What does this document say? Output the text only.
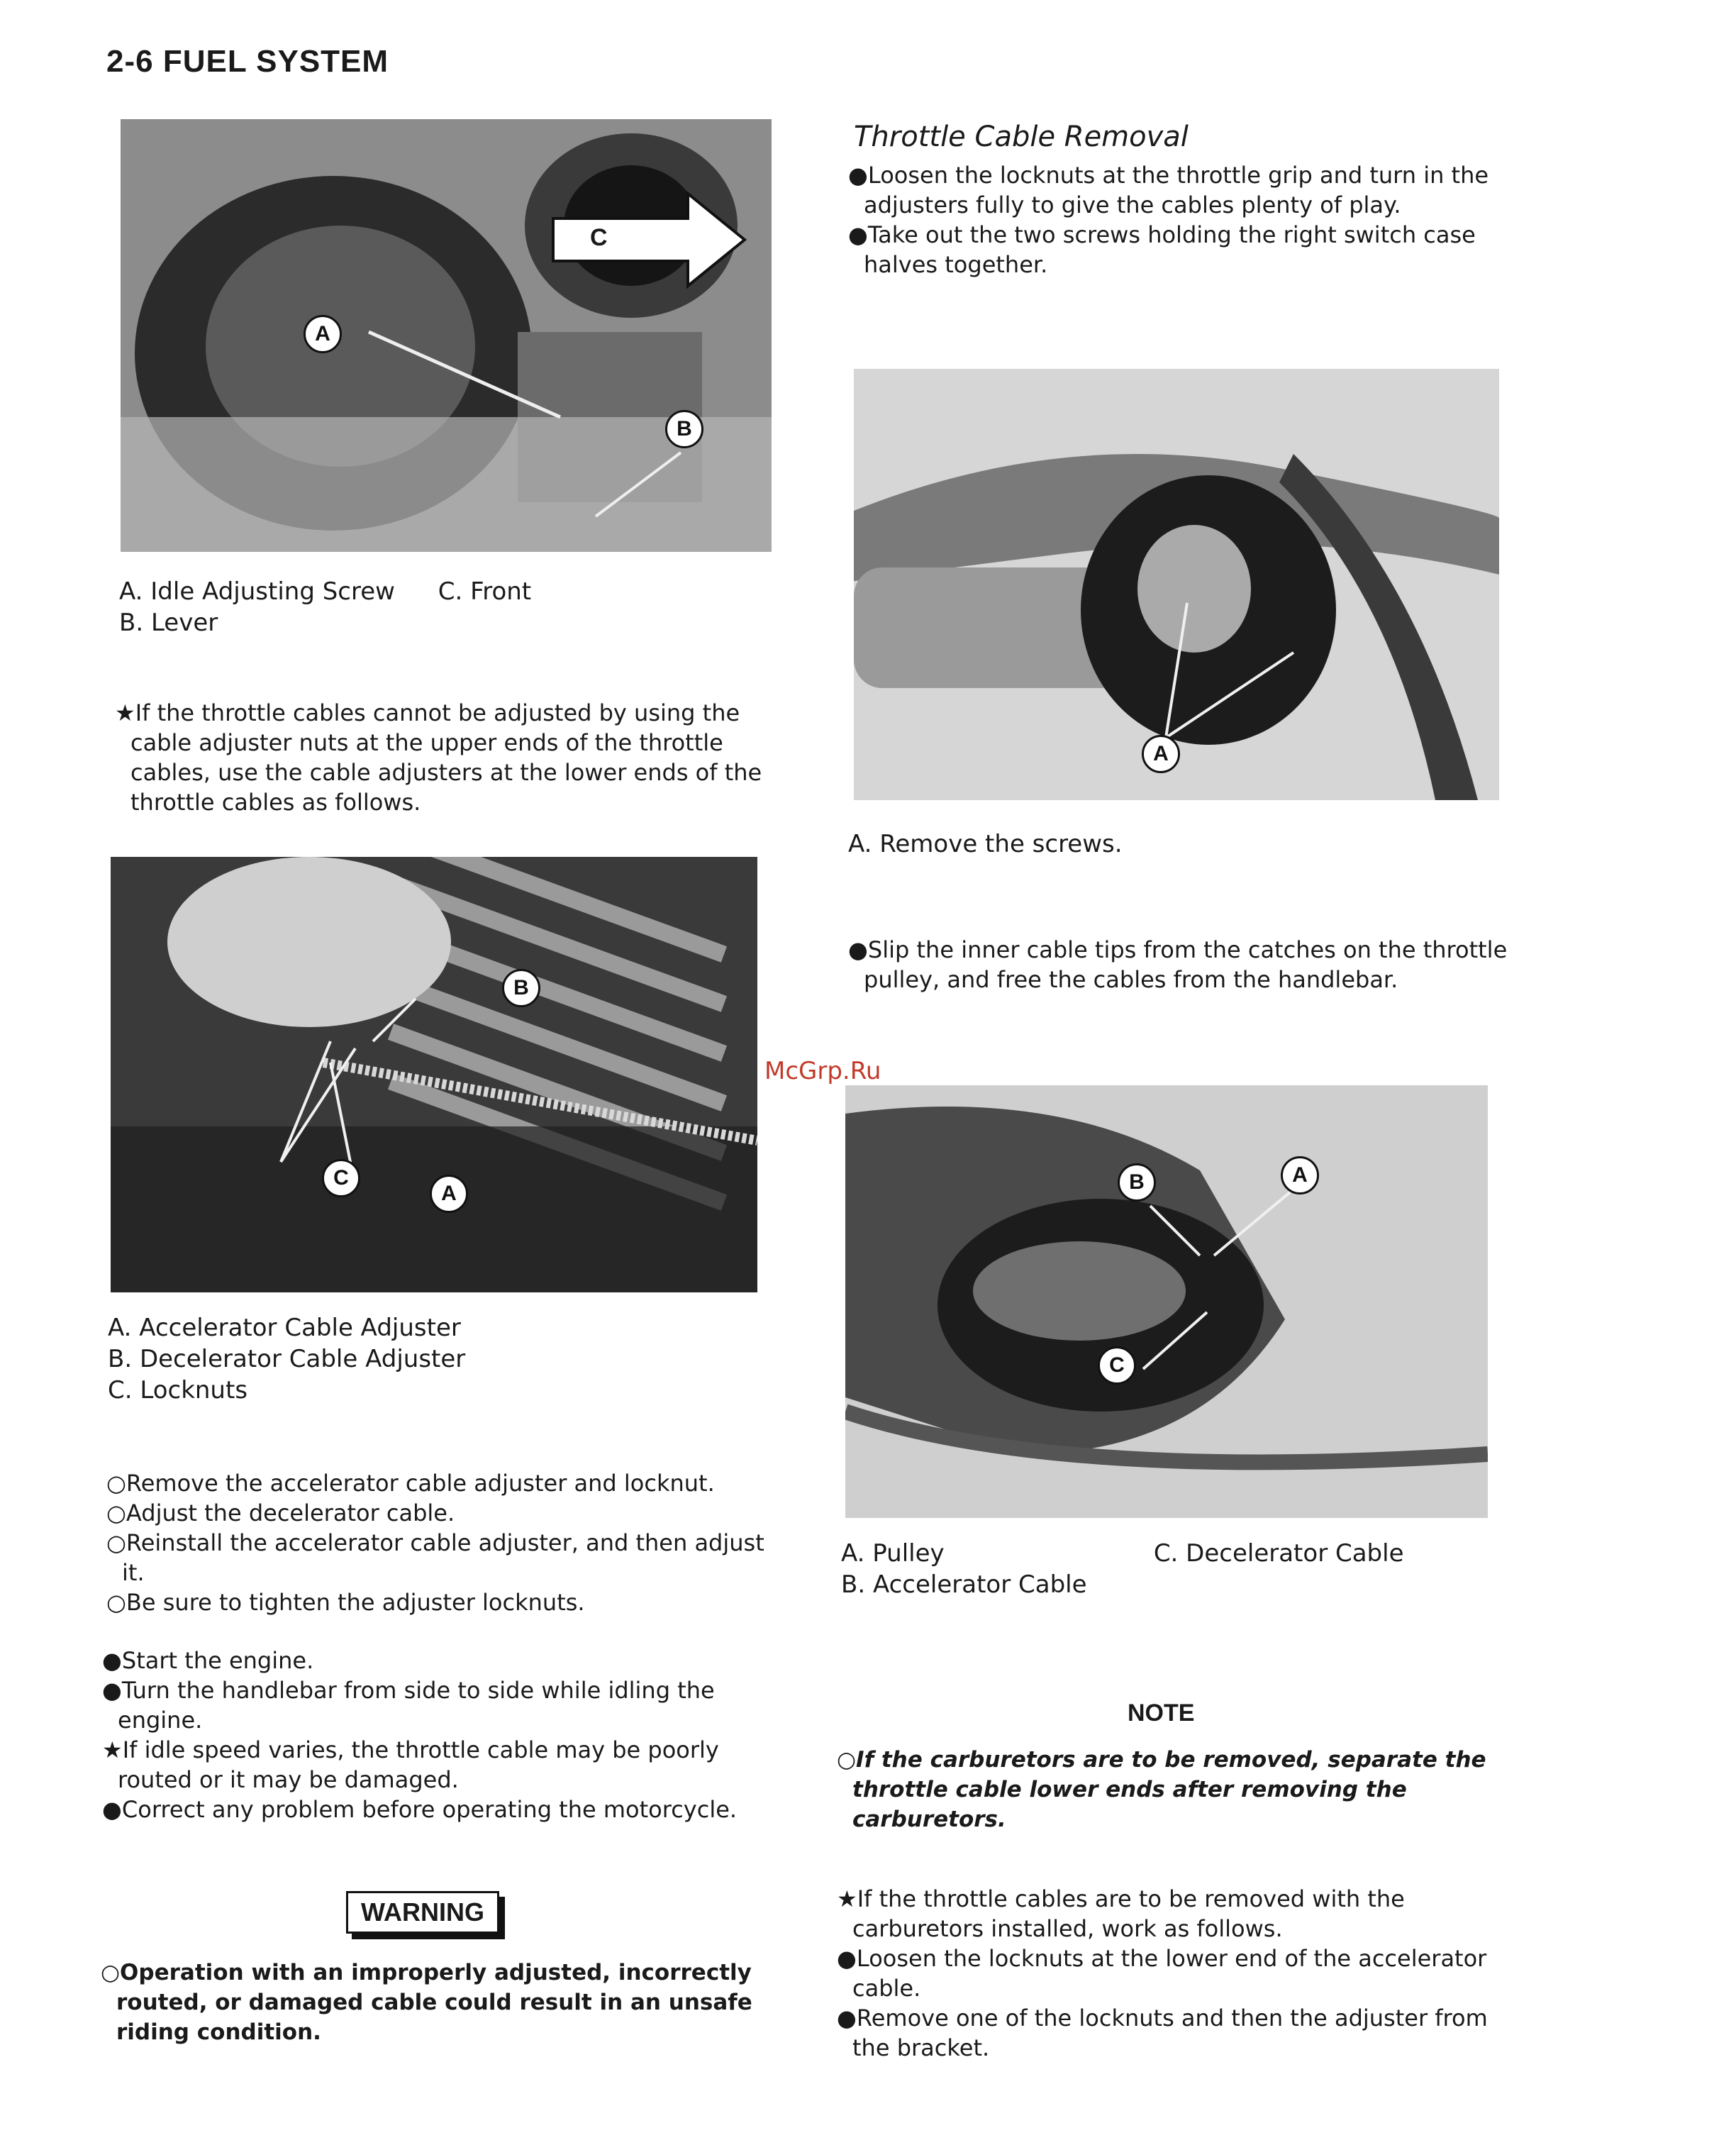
2-6 FUEL SYSTEM
A
B
C
A. Idle Adjusting Screw C. Front
B. Lever
★If the throttle cables cannot be adjusted by using the cable adjuster nuts at the upper ends of the throttle cables, use the cable adjusters at the lower ends of the throttle cables as follows.
B
C
A
A. Accelerator Cable Adjuster
B. Decelerator Cable Adjuster
C. Locknuts
○Remove the accelerator cable adjuster and locknut.
○Adjust the decelerator cable.
○Reinstall the accelerator cable adjuster, and then adjust it.
○Be sure to tighten the adjuster locknuts.
●Start the engine.
●Turn the handlebar from side to side while idling the engine.
★If idle speed varies, the throttle cable may be poorly routed or it may be damaged.
●Correct any problem before operating the motorcycle.
WARNING
○Operation with an improperly adjusted, incorrectly routed, or damaged cable could result in an unsafe riding condition.
Throttle Cable Removal
●Loosen the locknuts at the throttle grip and turn in the adjusters fully to give the cables plenty of play.
●Take out the two screws holding the right switch case halves together.
A
A. Remove the screws.
●Slip the inner cable tips from the catches on the throttle pulley, and free the cables from the handlebar.
McGrp.Ru
B	A
C
A. Pulley	C. Decelerator Cable
B. Accelerator Cable
NOTE
○If the carburetors are to be removed, separate the throttle cable lower ends after removing the carburetors.
★If the throttle cables are to be removed with the carburetors installed, work as follows.
●Loosen the locknuts at the lower end of the accelerator cable.
●Remove one of the locknuts and then the adjuster from the bracket.
